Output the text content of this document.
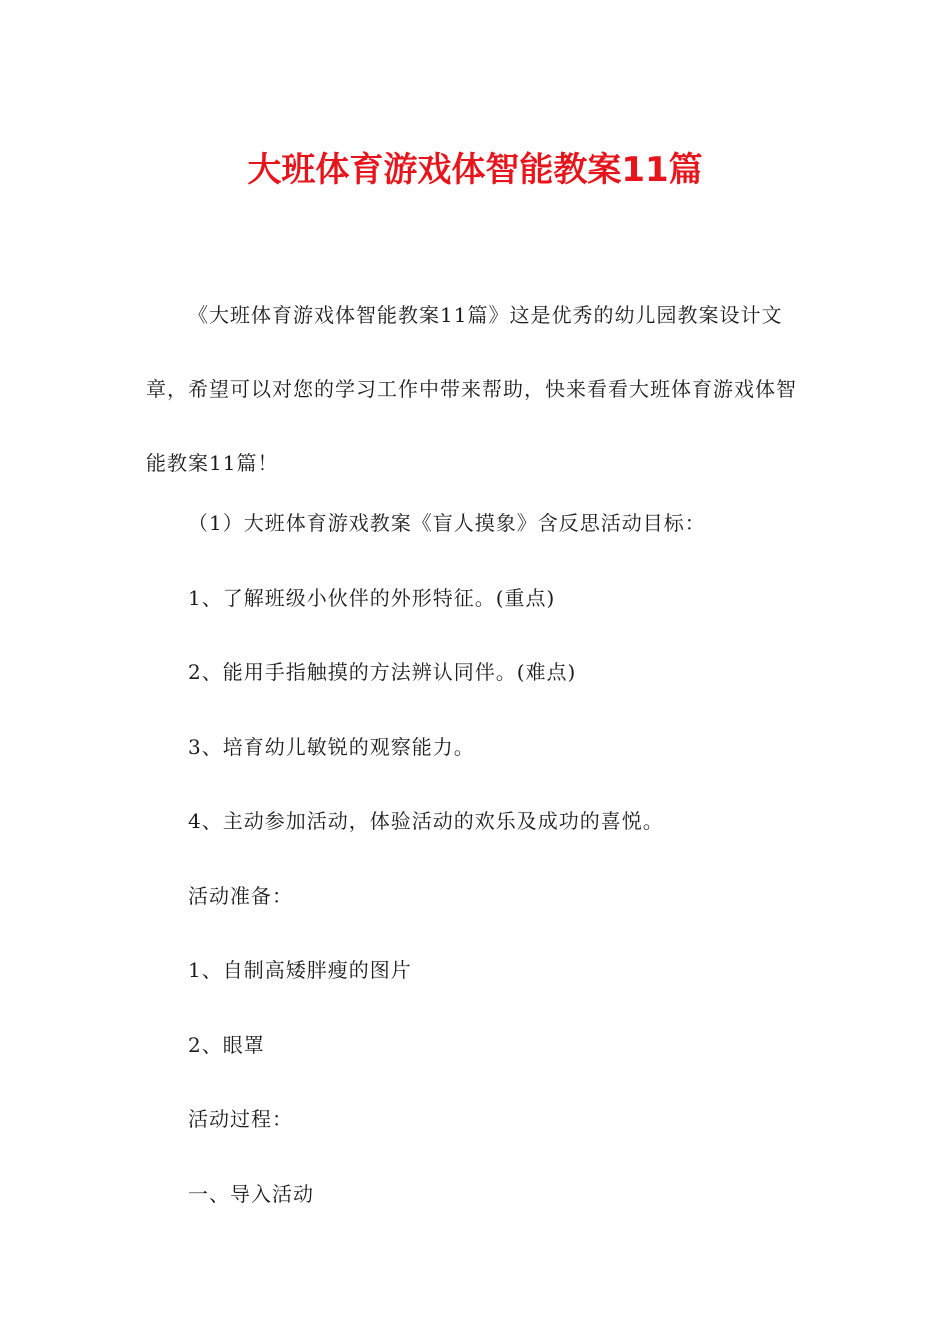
大班体育游戏体智能教案11篇

《大班体育游戏体智能教案11篇》这是优秀的幼儿园教案设计文章，希望可以对您的学习工作中带来帮助，快来看看大班体育游戏体智能教案11篇！

（1）大班体育游戏教案《盲人摸象》含反思活动目标：

1、了解班级小伙伴的外形特征。(重点)

2、能用手指触摸的方法辨认同伴。(难点)

3、培育幼儿敏锐的观察能力。

4、主动参加活动，体验活动的欢乐及成功的喜悦。

活动准备：

1、自制高矮胖瘦的图片

2、眼罩

活动过程：

一、导入活动
